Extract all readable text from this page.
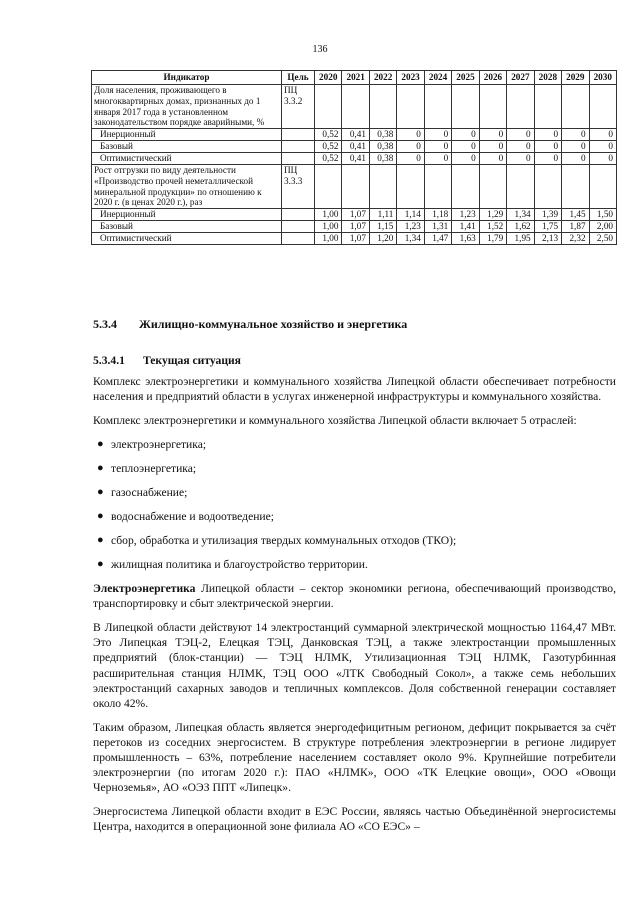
136
Индикатор	Цель	2020	2021	2022	2023	2024	2025	2026	2027	2028	2029	2030
Доля населения, проживающего в многоквартирных домах, признанных до 1 января 2017 года в установленном законодательством порядке аварийными, %	ПЦ 3.3.2											
Инерционный		0,52	0,41	0,38	0	0	0	0	0	0	0	0
Базовый		0,52	0,41	0,38	0	0	0	0	0	0	0	0
Оптимистический		0,52	0,41	0,38	0	0	0	0	0	0	0	0
Рост отгрузки по виду деятельности «Производство прочей неметаллической минеральной продукции» по отношению к 2020 г. (в ценах 2020 г.), раз	ПЦ 3.3.3											
Инерционный		1,00	1,07	1,11	1,14	1,18	1,23	1,29	1,34	1,39	1,45	1,50
Базовый		1,00	1,07	1,15	1,23	1,31	1,41	1,52	1,62	1,75	1,87	2,00
Оптимистический		1,00	1,07	1,20	1,34	1,47	1,63	1,79	1,95	2,13	2,32	2,50
5.3.4 Жилищно-коммунальное хозяйство и энергетика
5.3.4.1 Текущая ситуация

Комплекс электроэнергетики и коммунального хозяйства Липецкой области обеспечивает потребности населения и предприятий области в услугах инженерной инфраструктуры и коммунального хозяйства.

Комплекс электроэнергетики и коммунального хозяйства Липецкой области включает 5 отраслей:

● электроэнергетика;
● теплоэнергетика;
● газоснабжение;
● водоснабжение и водоотведение;
● сбор, обработка и утилизация твердых коммунальных отходов (ТКО);
● жилищная политика и благоустройство территории.

Электроэнергетика Липецкой области – сектор экономики региона, обеспечивающий производство, транспортировку и сбыт электрической энергии.

В Липецкой области действуют 14 электростанций суммарной электрической мощностью 1164,47 МВт. Это Липецкая ТЭЦ-2, Елецкая ТЭЦ, Данковская ТЭЦ, а также электростанции промышленных предприятий (блок-станции) — ТЭЦ НЛМК, Утилизационная ТЭЦ НЛМК, Газотурбинная расширительная станция НЛМК, ТЭЦ ООО «ЛТК Свободный Сокол», а также семь небольших электростанций сахарных заводов и тепличных комплексов. Доля собственной генерации составляет около 42%.

Таким образом, Липецкая область является энергодефицитным регионом, дефицит покрывается за счёт перетоков из соседних энергосистем. В структуре потребления электроэнергии в регионе лидирует промышленность – 63%, потребление населением составляет около 9%. Крупнейшие потребители электроэнергии (по итогам 2020 г.): ПАО «НЛМК», ООО «ТК Елецкие овощи», ООО «Овощи Черноземья», АО «ОЭЗ ППТ «Липецк».

Энергосистема Липецкой области входит в ЕЭС России, являясь частью Объединённой энергосистемы Центра, находится в операционной зоне филиала АО «СО ЕЭС» –
